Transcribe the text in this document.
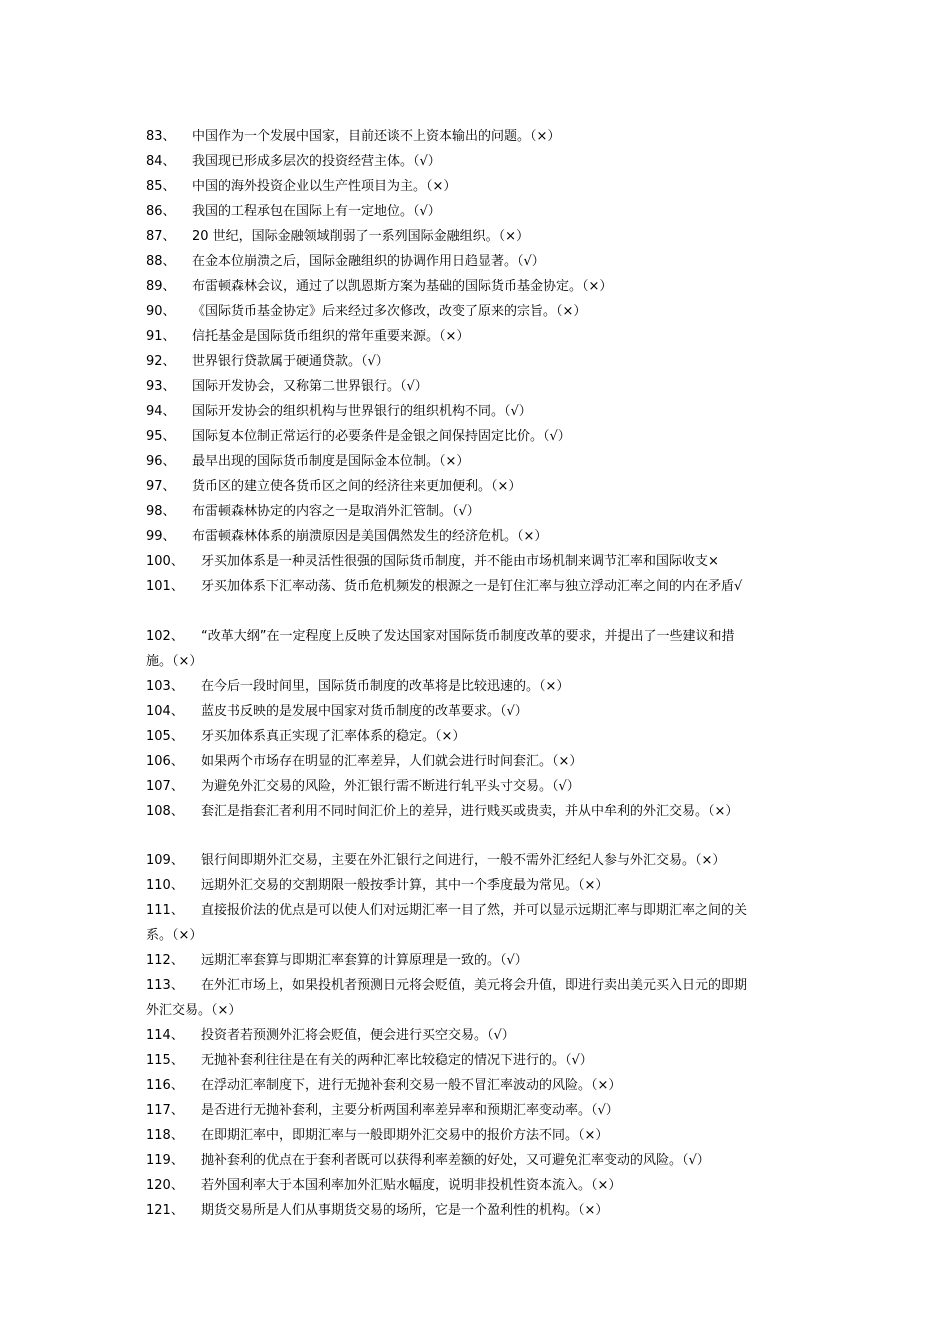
83、 中国作为一个发展中国家，目前还谈不上资本输出的问题。（×）
84、 我国现已形成多层次的投资经营主体。（√）
85、 中国的海外投资企业以生产性项目为主。（×）
86、 我国的工程承包在国际上有一定地位。（√）
87、 20 世纪，国际金融领域削弱了一系列国际金融组织。（×）
88、 在金本位崩溃之后，国际金融组织的协调作用日趋显著。（√）
89、 布雷顿森林会议，通过了以凯恩斯方案为基础的国际货币基金协定。（×）
90、 《国际货币基金协定》后来经过多次修改，改变了原来的宗旨。（×）
91、 信托基金是国际货币组织的常年重要来源。（×）
92、 世界银行贷款属于硬通贷款。（√）
93、 国际开发协会，又称第二世界银行。（√）
94、 国际开发协会的组织机构与世界银行的组织机构不同。（√）
95、 国际复本位制正常运行的必要条件是金银之间保持固定比价。（√）
96、 最早出现的国际货币制度是国际金本位制。（×）
97、 货币区的建立使各货币区之间的经济往来更加便利。（×）
98、 布雷顿森林协定的内容之一是取消外汇管制。（√）
99、 布雷顿森林体系的崩溃原因是美国偶然发生的经济危机。（×）
100、 牙买加体系是一种灵活性很强的国际货币制度，并不能由市场机制来调节汇率和国际收支×
101、 牙买加体系下汇率动荡、货币危机频发的根源之一是钉住汇率与独立浮动汇率之间的内在矛盾√
102、 “改革大纲”在一定程度上反映了发达国家对国际货币制度改革的要求，并提出了一些建议和措
施。（×）
103、 在今后一段时间里，国际货币制度的改革将是比较迅速的。（×）
104、 蓝皮书反映的是发展中国家对货币制度的改革要求。（√）
105、 牙买加体系真正实现了汇率体系的稳定。（×）
106、 如果两个市场存在明显的汇率差异，人们就会进行时间套汇。（×）
107、 为避免外汇交易的风险，外汇银行需不断进行轧平头寸交易。（√）
108、 套汇是指套汇者利用不同时间汇价上的差异，进行贱买或贵卖，并从中牟利的外汇交易。（×）
109、 银行间即期外汇交易，主要在外汇银行之间进行，一般不需外汇经纪人参与外汇交易。（×）
110、 远期外汇交易的交割期限一般按季计算，其中一个季度最为常见。（×）
111、 直接报价法的优点是可以使人们对远期汇率一目了然，并可以显示远期汇率与即期汇率之间的关
系。（×）
112、 远期汇率套算与即期汇率套算的计算原理是一致的。（√）
113、 在外汇市场上，如果投机者预测日元将会贬值，美元将会升值，即进行卖出美元买入日元的即期
外汇交易。（×）
114、 投资者若预测外汇将会贬值，便会进行买空交易。（√）
115、 无抛补套利往往是在有关的两种汇率比较稳定的情况下进行的。（√）
116、 在浮动汇率制度下，进行无抛补套利交易一般不冒汇率波动的风险。（×）
117、 是否进行无抛补套利，主要分析两国利率差异率和预期汇率变动率。（√）
118、 在即期汇率中，即期汇率与一般即期外汇交易中的报价方法不同。（×）
119、 抛补套利的优点在于套利者既可以获得利率差额的好处，又可避免汇率变动的风险。（√）
120、 若外国利率大于本国利率加外汇贴水幅度，说明非投机性资本流入。（×）
121、 期货交易所是人们从事期货交易的场所，它是一个盈利性的机构。（×）
